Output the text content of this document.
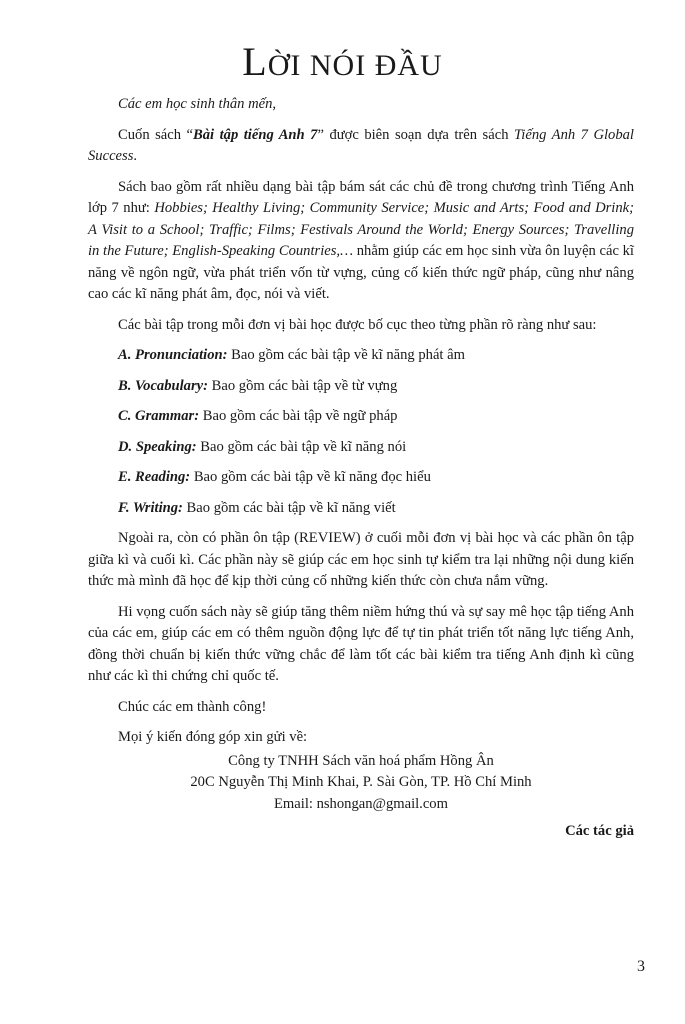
LỜI NÓI ĐẦU

Các em học sinh thân mến,

Cuốn sách “Bài tập tiếng Anh 7” được biên soạn dựa trên sách Tiếng Anh 7 Global Success.

Sách bao gồm rất nhiều dạng bài tập bám sát các chủ đề trong chương trình Tiếng Anh lớp 7 như: Hobbies; Healthy Living; Community Service; Music and Arts; Food and Drink; A Visit to a School; Traffic; Films; Festivals Around the World; Energy Sources; Travelling in the Future; English-Speaking Countries,… nhằm giúp các em học sinh vừa ôn luyện các kĩ năng về ngôn ngữ, vừa phát triển vốn từ vựng, củng cố kiến thức ngữ pháp, cũng như nâng cao các kĩ năng phát âm, đọc, nói và viết.

Các bài tập trong mỗi đơn vị bài học được bố cục theo từng phần rõ ràng như sau:

A. Pronunciation: Bao gồm các bài tập về kĩ năng phát âm
B. Vocabulary: Bao gồm các bài tập về từ vựng
C. Grammar: Bao gồm các bài tập về ngữ pháp
D. Speaking: Bao gồm các bài tập về kĩ năng nói
E. Reading: Bao gồm các bài tập về kĩ năng đọc hiểu
F. Writing: Bao gồm các bài tập về kĩ năng viết

Ngoài ra, còn có phần ôn tập (REVIEW) ở cuối mỗi đơn vị bài học và các phần ôn tập giữa kì và cuối kì. Các phần này sẽ giúp các em học sinh tự kiểm tra lại những nội dung kiến thức mà mình đã học để kịp thời củng cố những kiến thức còn chưa nắm vững.

Hi vọng cuốn sách này sẽ giúp tăng thêm niềm hứng thú và sự say mê học tập tiếng Anh của các em, giúp các em có thêm nguồn động lực để tự tin phát triển tốt năng lực tiếng Anh, đồng thời chuẩn bị kiến thức vững chắc để làm tốt các bài kiểm tra tiếng Anh định kì cũng như các kì thi chứng chỉ quốc tế.

Chúc các em thành công!

Mọi ý kiến đóng góp xin gửi về:

Công ty TNHH Sách văn hoá phẩm Hồng Ân

20C Nguyễn Thị Minh Khai, P. Sài Gòn, TP. Hồ Chí Minh

Email: nshongan@gmail.com

Các tác giả

3
